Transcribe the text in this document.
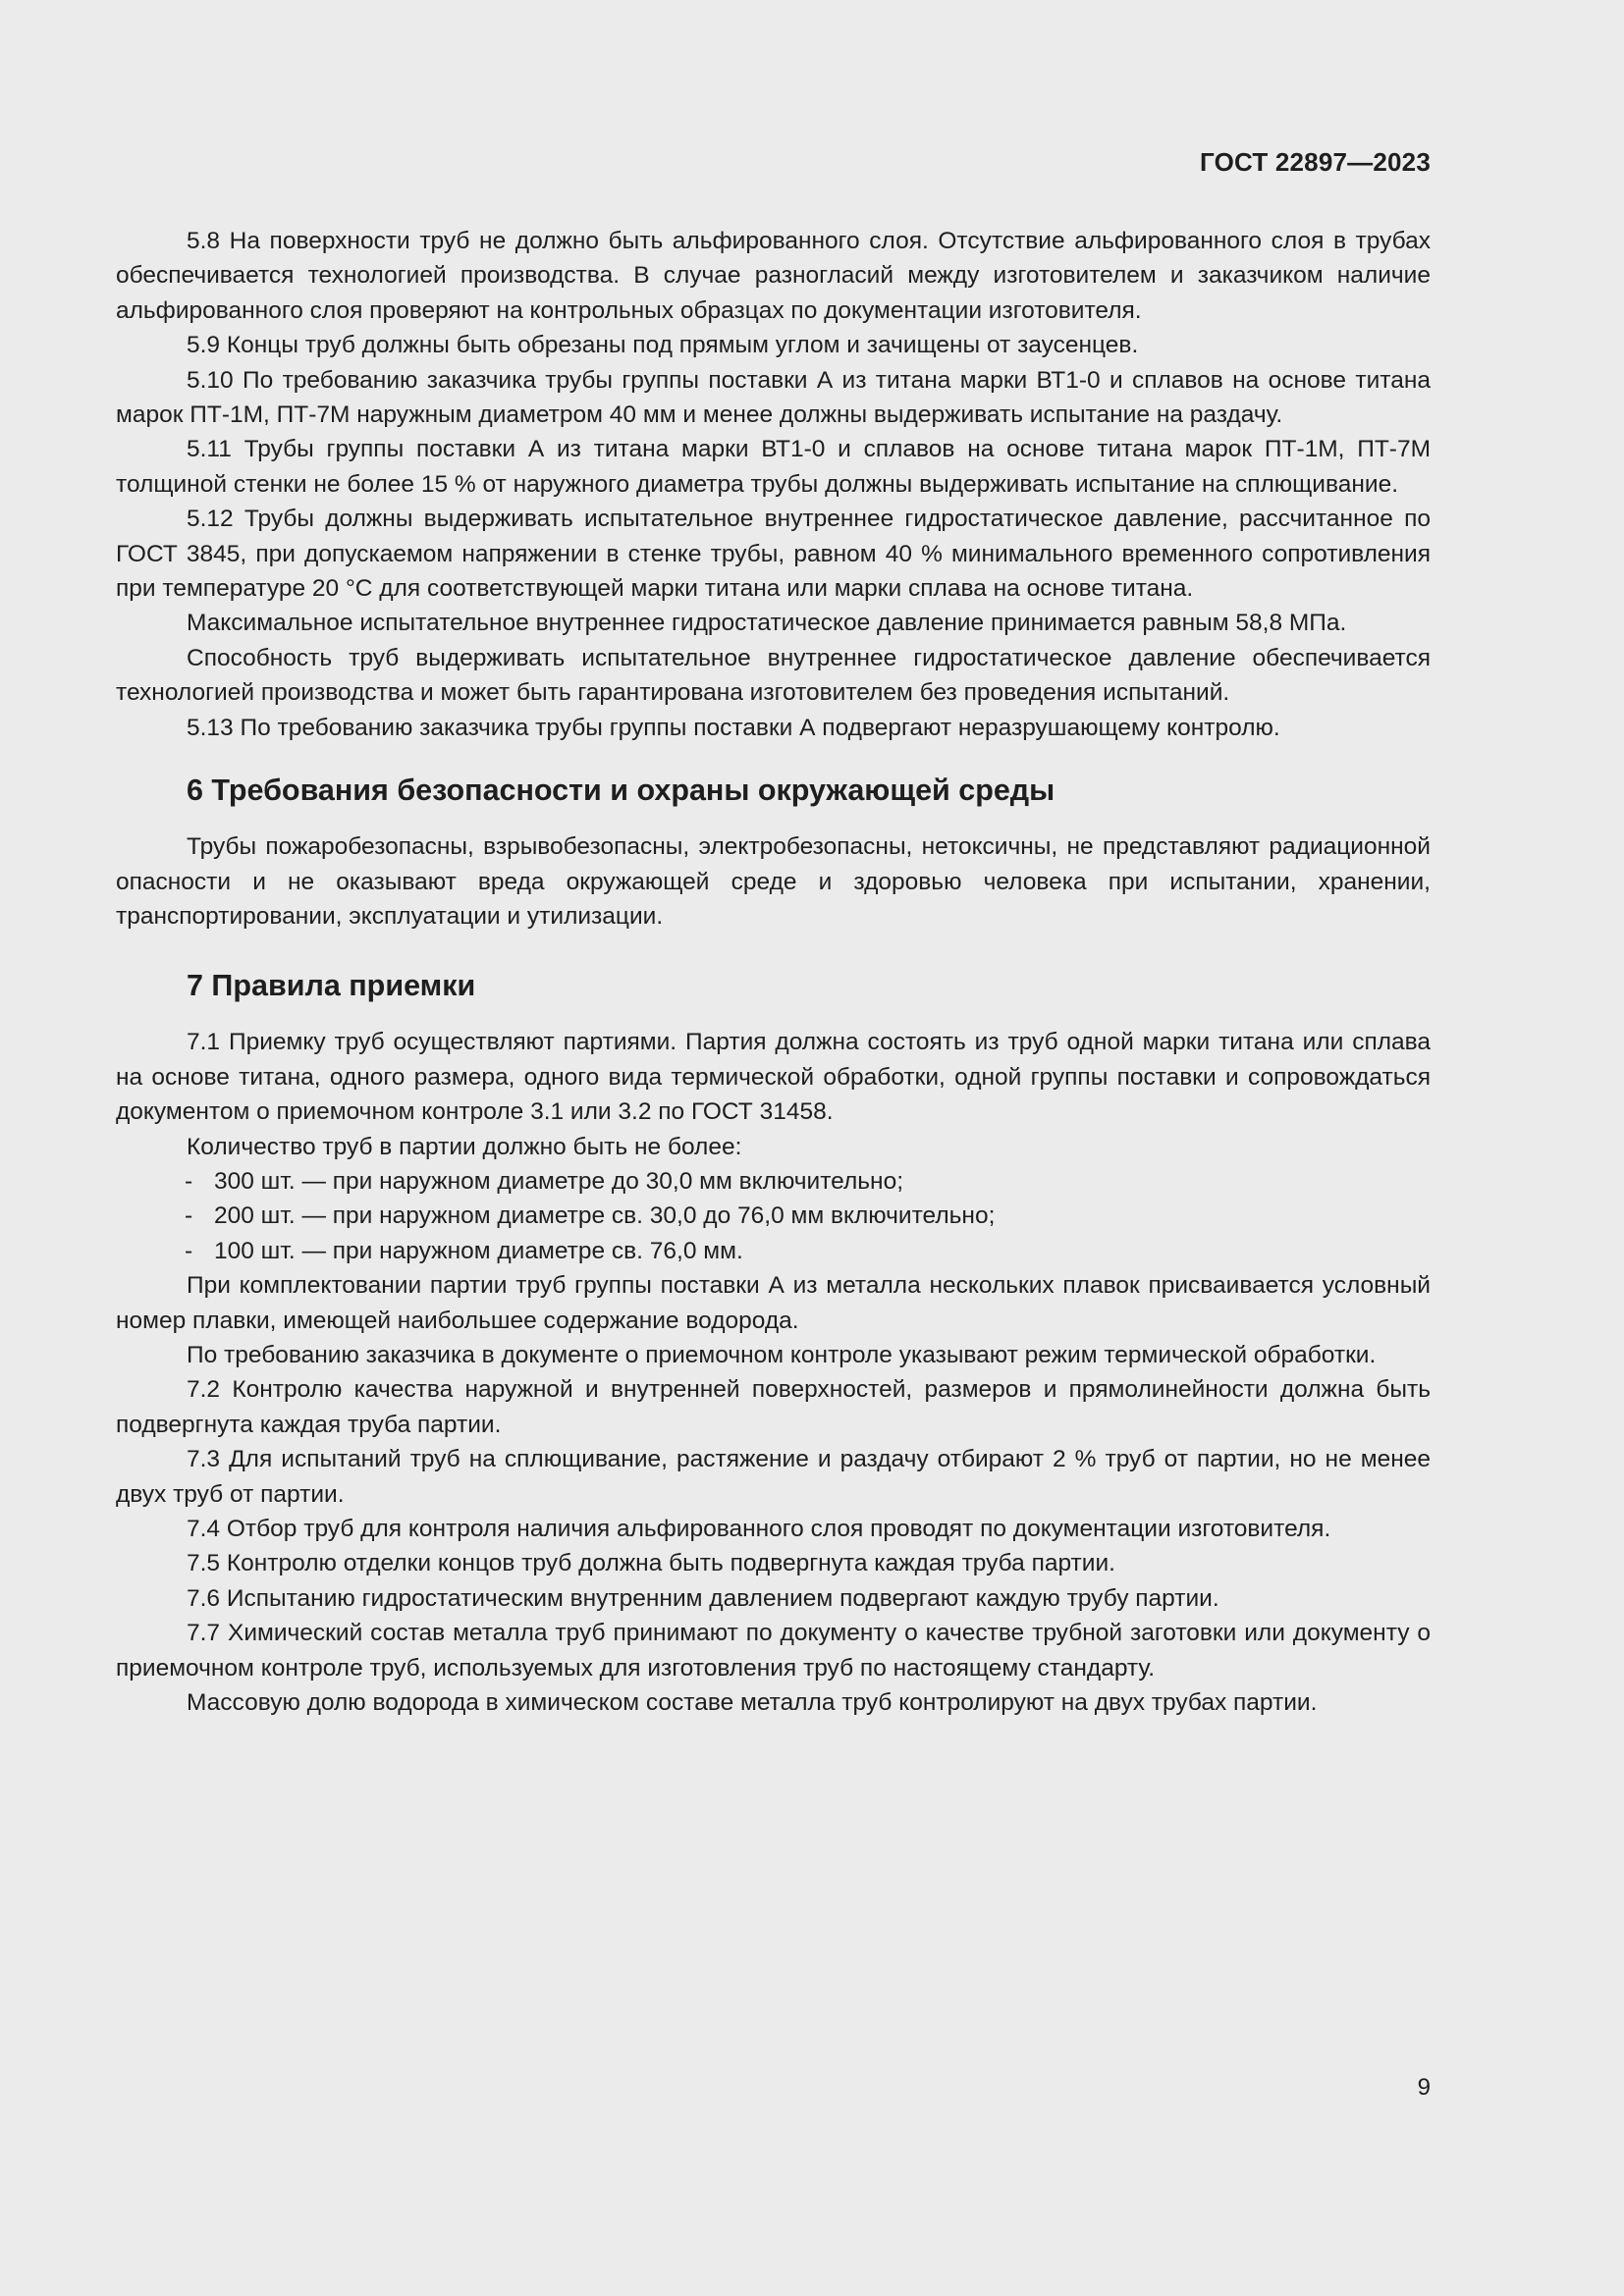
ГОСТ 22897—2023

5.8 На поверхности труб не должно быть альфированного слоя. Отсутствие альфированного слоя в трубах обеспечивается технологией производства. В случае разногласий между изготовителем и заказчиком наличие альфированного слоя проверяют на контрольных образцах по документации изготовителя.

5.9 Концы труб должны быть обрезаны под прямым углом и зачищены от заусенцев.

5.10 По требованию заказчика трубы группы поставки А из титана марки ВТ1-0 и сплавов на основе титана марок ПТ-1М, ПТ-7М наружным диаметром 40 мм и менее должны выдерживать испытание на раздачу.

5.11 Трубы группы поставки А из титана марки ВТ1-0 и сплавов на основе титана марок ПТ-1М, ПТ-7М толщиной стенки не более 15 % от наружного диаметра трубы должны выдерживать испытание на сплющивание.

5.12 Трубы должны выдерживать испытательное внутреннее гидростатическое давление, рассчитанное по ГОСТ 3845, при допускаемом напряжении в стенке трубы, равном 40 % минимального временного сопротивления при температуре 20 °С для соответствующей марки титана или марки сплава на основе титана.

Максимальное испытательное внутреннее гидростатическое давление принимается равным 58,8 МПа.

Способность труб выдерживать испытательное внутреннее гидростатическое давление обеспечивается технологией производства и может быть гарантирована изготовителем без проведения испытаний.

5.13 По требованию заказчика трубы группы поставки А подвергают неразрушающему контролю.

6 Требования безопасности и охраны окружающей среды

Трубы пожаробезопасны, взрывобезопасны, электробезопасны, нетоксичны, не представляют радиационной опасности и не оказывают вреда окружающей среде и здоровью человека при испытании, хранении, транспортировании, эксплуатации и утилизации.

7 Правила приемки

7.1 Приемку труб осуществляют партиями. Партия должна состоять из труб одной марки титана или сплава на основе титана, одного размера, одного вида термической обработки, одной группы поставки и сопровождаться документом о приемочном контроле 3.1 или 3.2 по ГОСТ 31458.

Количество труб в партии должно быть не более:

- 300 шт. — при наружном диаметре до 30,0 мм включительно;
- 200 шт. — при наружном диаметре св. 30,0 до 76,0 мм включительно;
- 100 шт. — при наружном диаметре св. 76,0 мм.

При комплектовании партии труб группы поставки А из металла нескольких плавок присваивается условный номер плавки, имеющей наибольшее содержание водорода.

По требованию заказчика в документе о приемочном контроле указывают режим термической обработки.

7.2 Контролю качества наружной и внутренней поверхностей, размеров и прямолинейности должна быть подвергнута каждая труба партии.

7.3 Для испытаний труб на сплющивание, растяжение и раздачу отбирают 2 % труб от партии, но не менее двух труб от партии.

7.4 Отбор труб для контроля наличия альфированного слоя проводят по документации изготовителя.

7.5 Контролю отделки концов труб должна быть подвергнута каждая труба партии.

7.6 Испытанию гидростатическим внутренним давлением подвергают каждую трубу партии.

7.7 Химический состав металла труб принимают по документу о качестве трубной заготовки или документу о приемочном контроле труб, используемых для изготовления труб по настоящему стандарту.

Массовую долю водорода в химическом составе металла труб контролируют на двух трубах партии.

9
